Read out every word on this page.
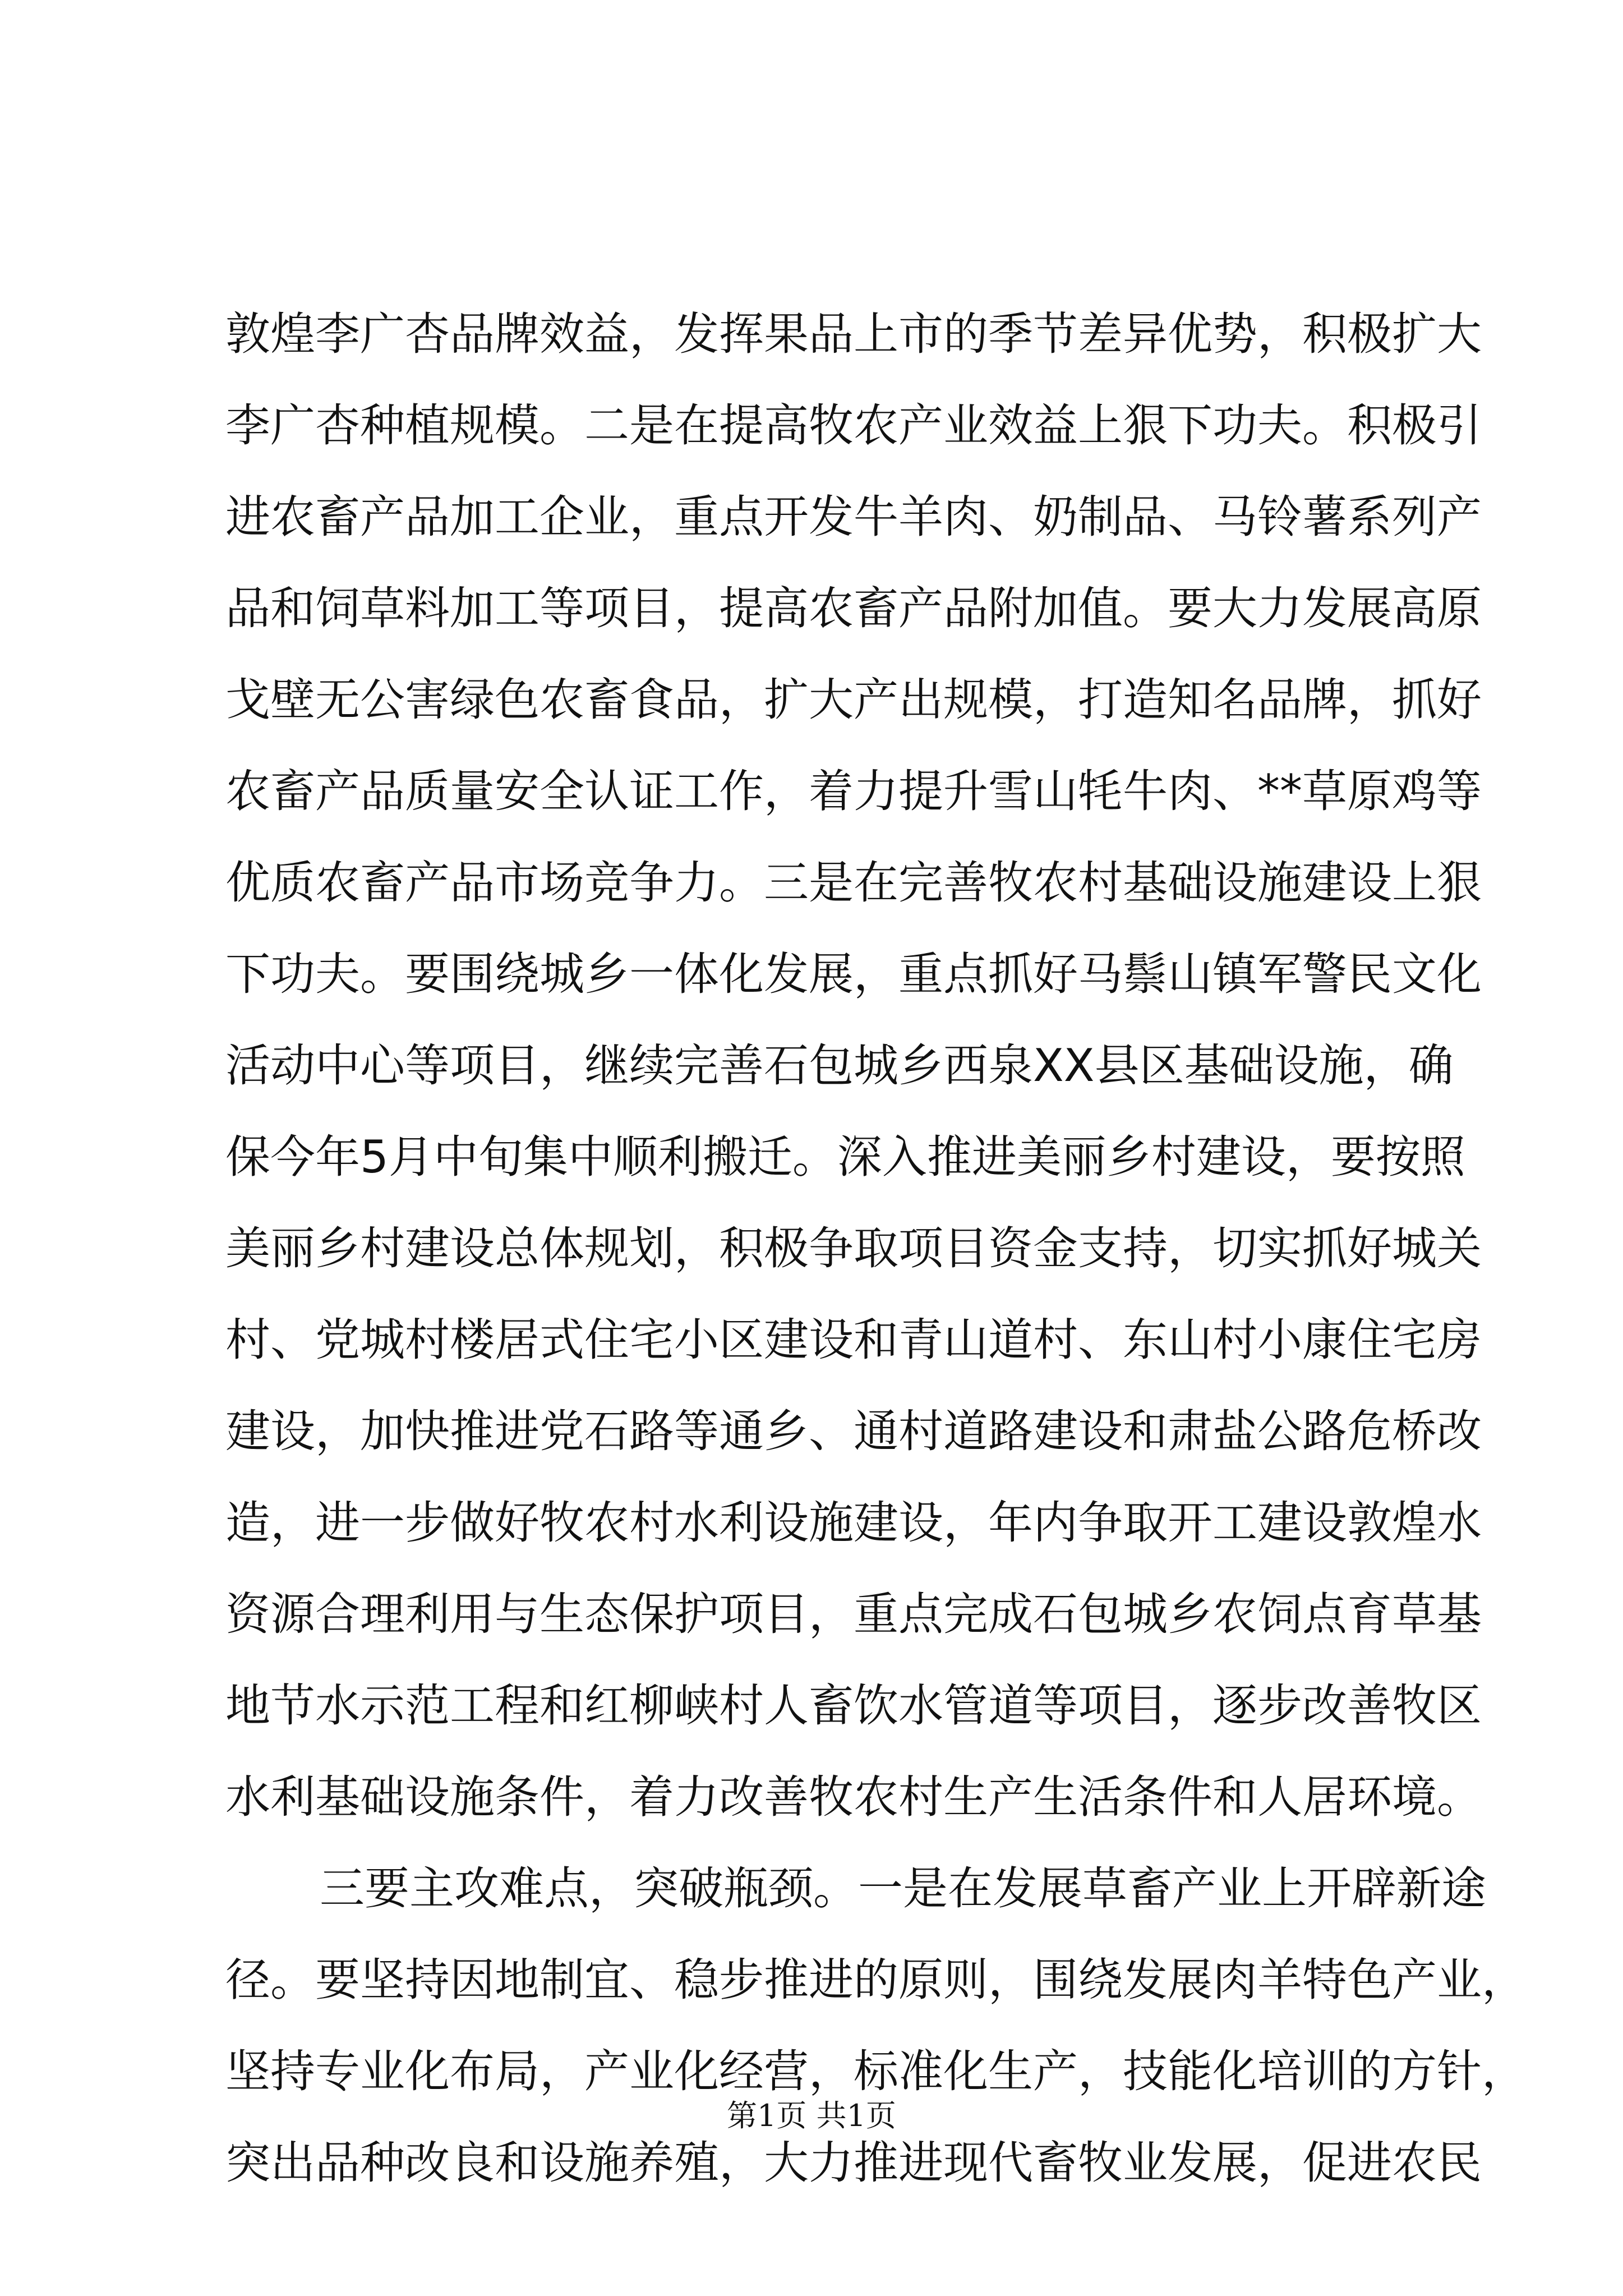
敦煌李广杏品牌效益，发挥果品上市的季节差异优势，积极扩大
李广杏种植规模。二是在提高牧农产业效益上狠下功夫。积极引
进农畜产品加工企业，重点开发牛羊肉、奶制品、马铃薯系列产
品和饲草料加工等项目，提高农畜产品附加值。要大力发展高原
戈壁无公害绿色农畜食品，扩大产出规模，打造知名品牌，抓好
农畜产品质量安全认证工作，着力提升雪山牦牛肉、**草原鸡等
优质农畜产品市场竞争力。三是在完善牧农村基础设施建设上狠
下功夫。要围绕城乡一体化发展，重点抓好马鬃山镇军警民文化
活动中心等项目，继续完善石包城乡西泉XX县区基础设施，确
保今年5月中旬集中顺利搬迁。深入推进美丽乡村建设，要按照
美丽乡村建设总体规划，积极争取项目资金支持，切实抓好城关
村、党城村楼居式住宅小区建设和青山道村、东山村小康住宅房
建设，加快推进党石路等通乡、通村道路建设和肃盐公路危桥改
造，进一步做好牧农村水利设施建设，年内争取开工建设敦煌水
资源合理利用与生态保护项目，重点完成石包城乡农饲点育草基
地节水示范工程和红柳峡村人畜饮水管道等项目，逐步改善牧区
水利基础设施条件，着力改善牧农村生产生活条件和人居环境。
三要主攻难点，突破瓶颈。一是在发展草畜产业上开辟新途
径。要坚持因地制宜、稳步推进的原则，围绕发展肉羊特色产业，
坚持专业化布局，产业化经营，标准化生产，技能化培训的方针，
突出品种改良和设施养殖，大力推进现代畜牧业发展，促进农民
第1页 共1页
